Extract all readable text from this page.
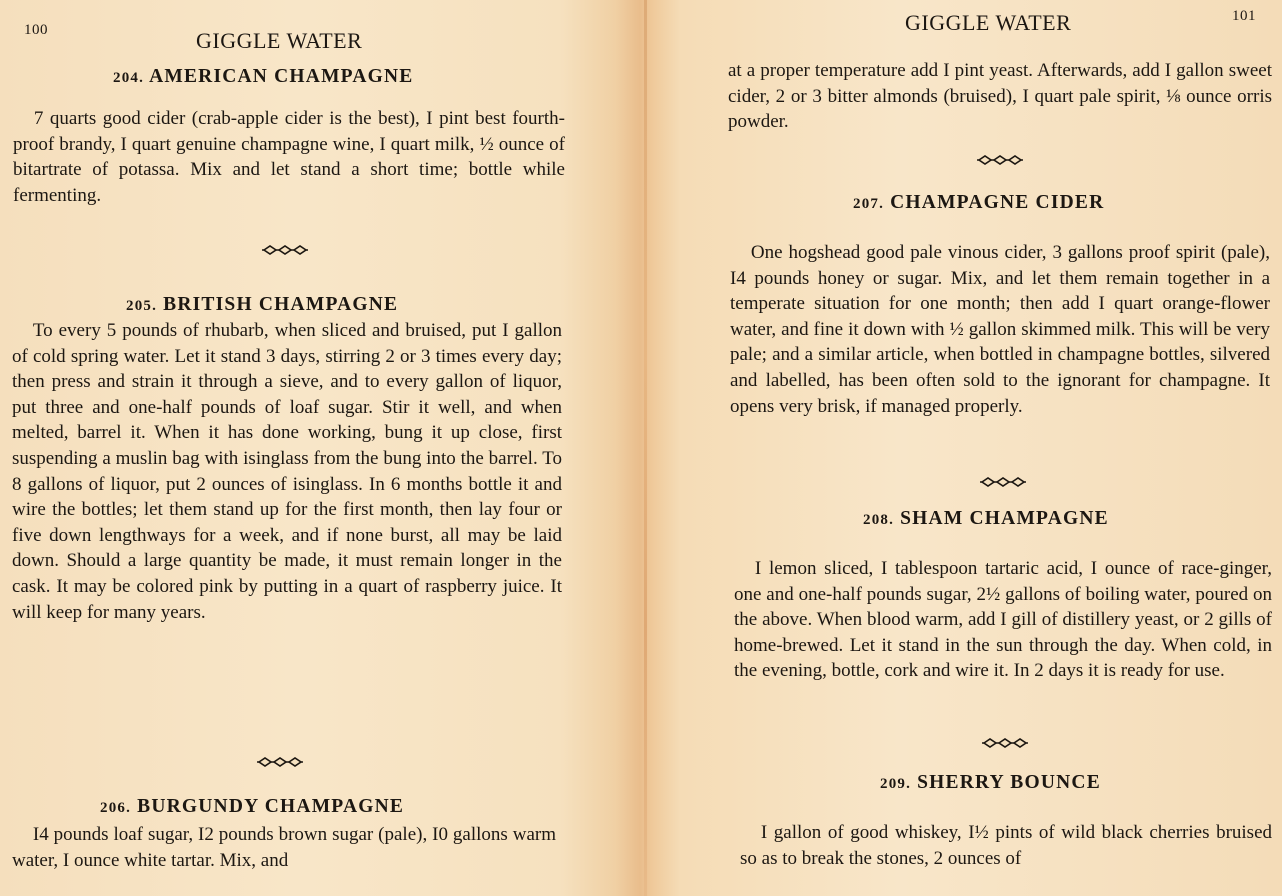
100	GIGGLE WATER
204. AMERICAN CHAMPAGNE

7 quarts good cider (crab-apple cider is the best), I pint best fourth-proof brandy, I quart genuine champagne wine, I quart milk, ½ ounce of bitartrate of potassa. Mix and let stand a short time; bottle while fermenting.

205. BRITISH CHAMPAGNE

To every 5 pounds of rhubarb, when sliced and bruised, put I gallon of cold spring water. Let it stand 3 days, stirring 2 or 3 times every day; then press and strain it through a sieve, and to every gallon of liquor, put three and one-half pounds of loaf sugar. Stir it well, and when melted, barrel it. When it has done working, bung it up close, first suspending a muslin bag with isinglass from the bung into the barrel. To 8 gallons of liquor, put 2 ounces of isinglass. In 6 months bottle it and wire the bottles; let them stand up for the first month, then lay four or five down lengthways for a week, and if none burst, all may be laid down. Should a large quantity be made, it must remain longer in the cask. It may be colored pink by putting in a quart of raspberry juice. It will keep for many years.

206. BURGUNDY CHAMPAGNE

I4 pounds loaf sugar, I2 pounds brown sugar (pale), I0 gallons warm water, I ounce white tartar. Mix, and

GIGGLE WATER	101

at a proper temperature add I pint yeast. Afterwards, add I gallon sweet cider, 2 or 3 bitter almonds (bruised), I quart pale spirit, ⅛ ounce orris powder.

207. CHAMPAGNE CIDER

One hogshead good pale vinous cider, 3 gallons proof spirit (pale), I4 pounds honey or sugar. Mix, and let them remain together in a temperate situation for one month; then add I quart orange-flower water, and fine it down with ½ gallon skimmed milk. This will be very pale; and a similar article, when bottled in champagne bottles, silvered and labelled, has been often sold to the ignorant for champagne. It opens very brisk, if managed properly.

208. SHAM CHAMPAGNE

I lemon sliced, I tablespoon tartaric acid, I ounce of race-ginger, one and one-half pounds sugar, 2½ gallons of boiling water, poured on the above. When blood warm, add I gill of distillery yeast, or 2 gills of home-brewed. Let it stand in the sun through the day. When cold, in the evening, bottle, cork and wire it. In 2 days it is ready for use.

209. SHERRY BOUNCE

I gallon of good whiskey, I½ pints of wild black cherries bruised so as to break the stones, 2 ounces of
